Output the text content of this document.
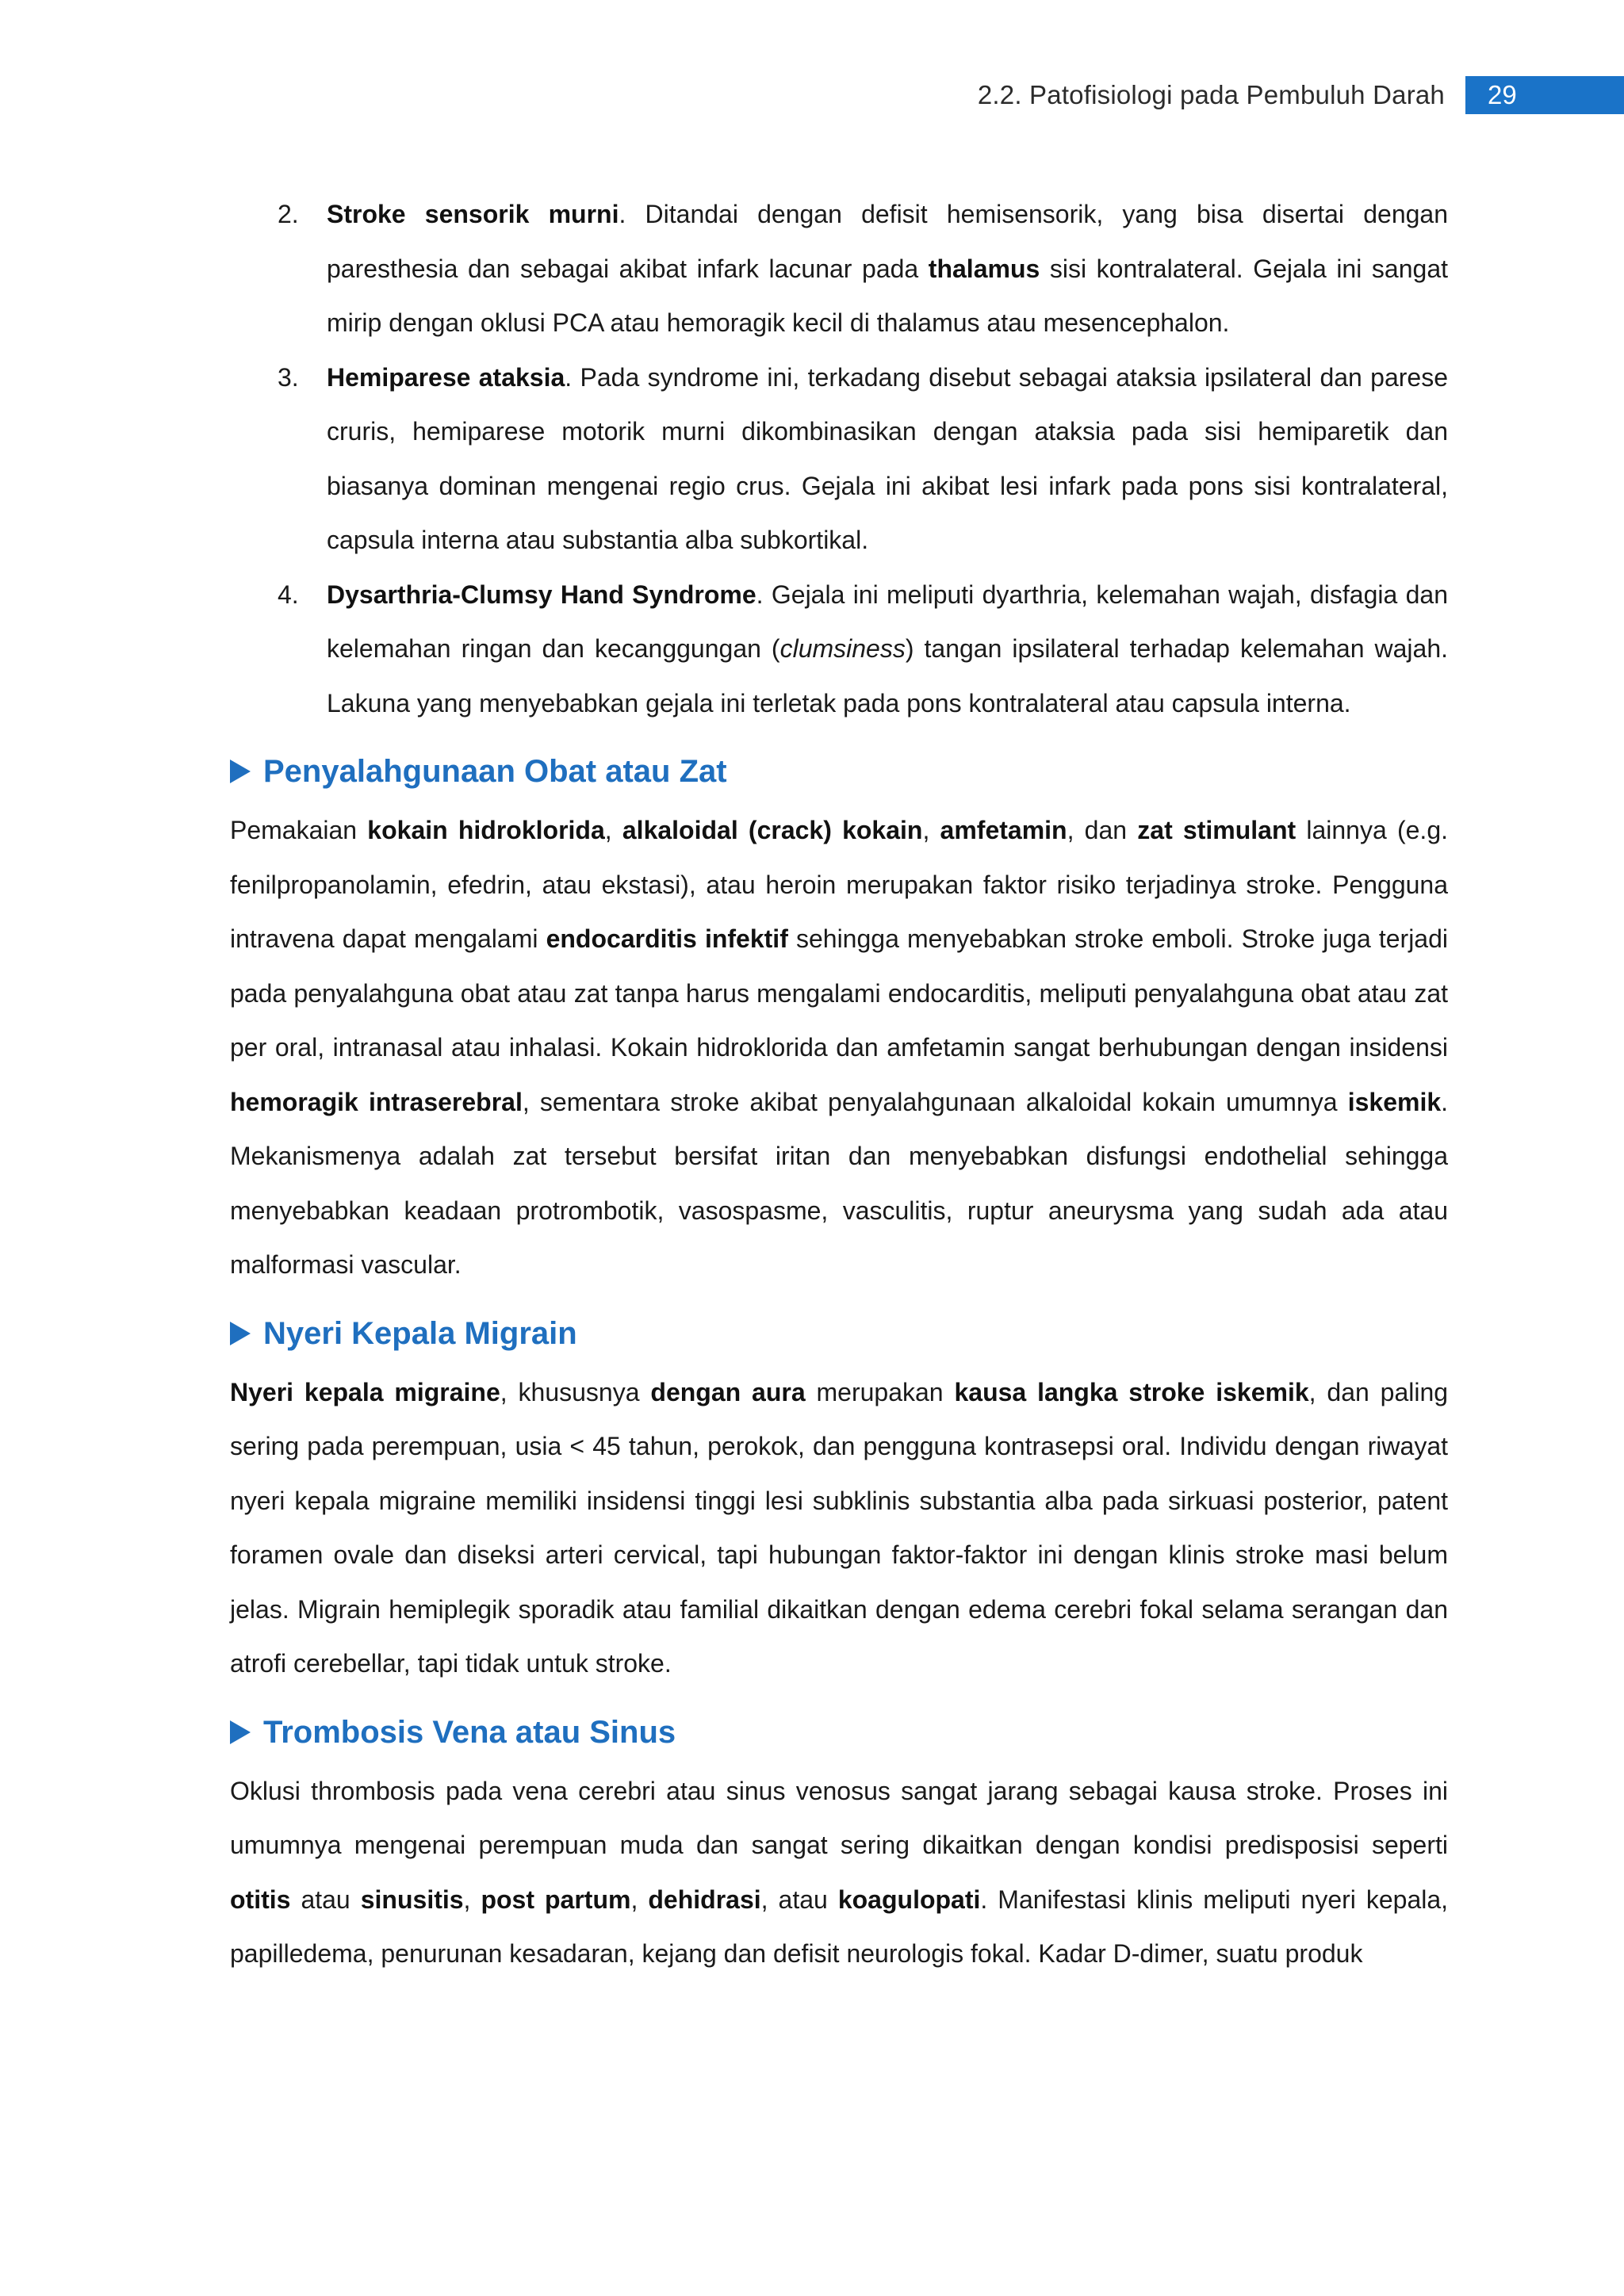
2.2. Patofisiologi pada Pembuluh Darah	29
2. Stroke sensorik murni. Ditandai dengan defisit hemisensorik, yang bisa disertai dengan paresthesia dan sebagai akibat infark lacunar pada thalamus sisi kontralateral. Gejala ini sangat mirip dengan oklusi PCA atau hemoragik kecil di thalamus atau mesencephalon.
3. Hemiparese ataksia. Pada syndrome ini, terkadang disebut sebagai ataksia ipsilateral dan parese cruris, hemiparese motorik murni dikombinasikan dengan ataksia pada sisi hemiparetik dan biasanya dominan mengenai regio crus. Gejala ini akibat lesi infark pada pons sisi kontralateral, capsula interna atau substantia alba subkortikal.
4. Dysarthria-Clumsy Hand Syndrome. Gejala ini meliputi dyarthria, kelemahan wajah, disfagia dan kelemahan ringan dan kecanggungan (clumsiness) tangan ipsilateral terhadap kelemahan wajah. Lakuna yang menyebabkan gejala ini terletak pada pons kontralateral atau capsula interna.
Penyalahgunaan Obat atau Zat

Pemakaian kokain hidroklorida, alkaloidal (crack) kokain, amfetamin, dan zat stimulant lainnya (e.g. fenilpropanolamin, efedrin, atau ekstasi), atau heroin merupakan faktor risiko terjadinya stroke. Pengguna intravena dapat mengalami endocarditis infektif sehingga menyebabkan stroke emboli. Stroke juga terjadi pada penyalahguna obat atau zat tanpa harus mengalami endocarditis, meliputi penyalahguna obat atau zat per oral, intranasal atau inhalasi. Kokain hidroklorida dan amfetamin sangat berhubungan dengan insidensi hemoragik intraserebral, sementara stroke akibat penyalahgunaan alkaloidal kokain umumnya iskemik. Mekanismenya adalah zat tersebut bersifat iritan dan menyebabkan disfungsi endothelial sehingga menyebabkan keadaan protrombotik, vasospasme, vasculitis, ruptur aneurysma yang sudah ada atau malformasi vascular.

Nyeri Kepala Migrain

Nyeri kepala migraine, khususnya dengan aura merupakan kausa langka stroke iskemik, dan paling sering pada perempuan, usia < 45 tahun, perokok, dan pengguna kontrasepsi oral. Individu dengan riwayat nyeri kepala migraine memiliki insidensi tinggi lesi subklinis substantia alba pada sirkuasi posterior, patent foramen ovale dan diseksi arteri cervical, tapi hubungan faktor-faktor ini dengan klinis stroke masi belum jelas. Migrain hemiplegik sporadik atau familial dikaitkan dengan edema cerebri fokal selama serangan dan atrofi cerebellar, tapi tidak untuk stroke.

Trombosis Vena atau Sinus

Oklusi thrombosis pada vena cerebri atau sinus venosus sangat jarang sebagai kausa stroke. Proses ini umumnya mengenai perempuan muda dan sangat sering dikaitkan dengan kondisi predisposisi seperti otitis atau sinusitis, post partum, dehidrasi, atau koagulopati. Manifestasi klinis meliputi nyeri kepala, papilledema, penurunan kesadaran, kejang dan defisit neurologis fokal. Kadar D-dimer, suatu produk
